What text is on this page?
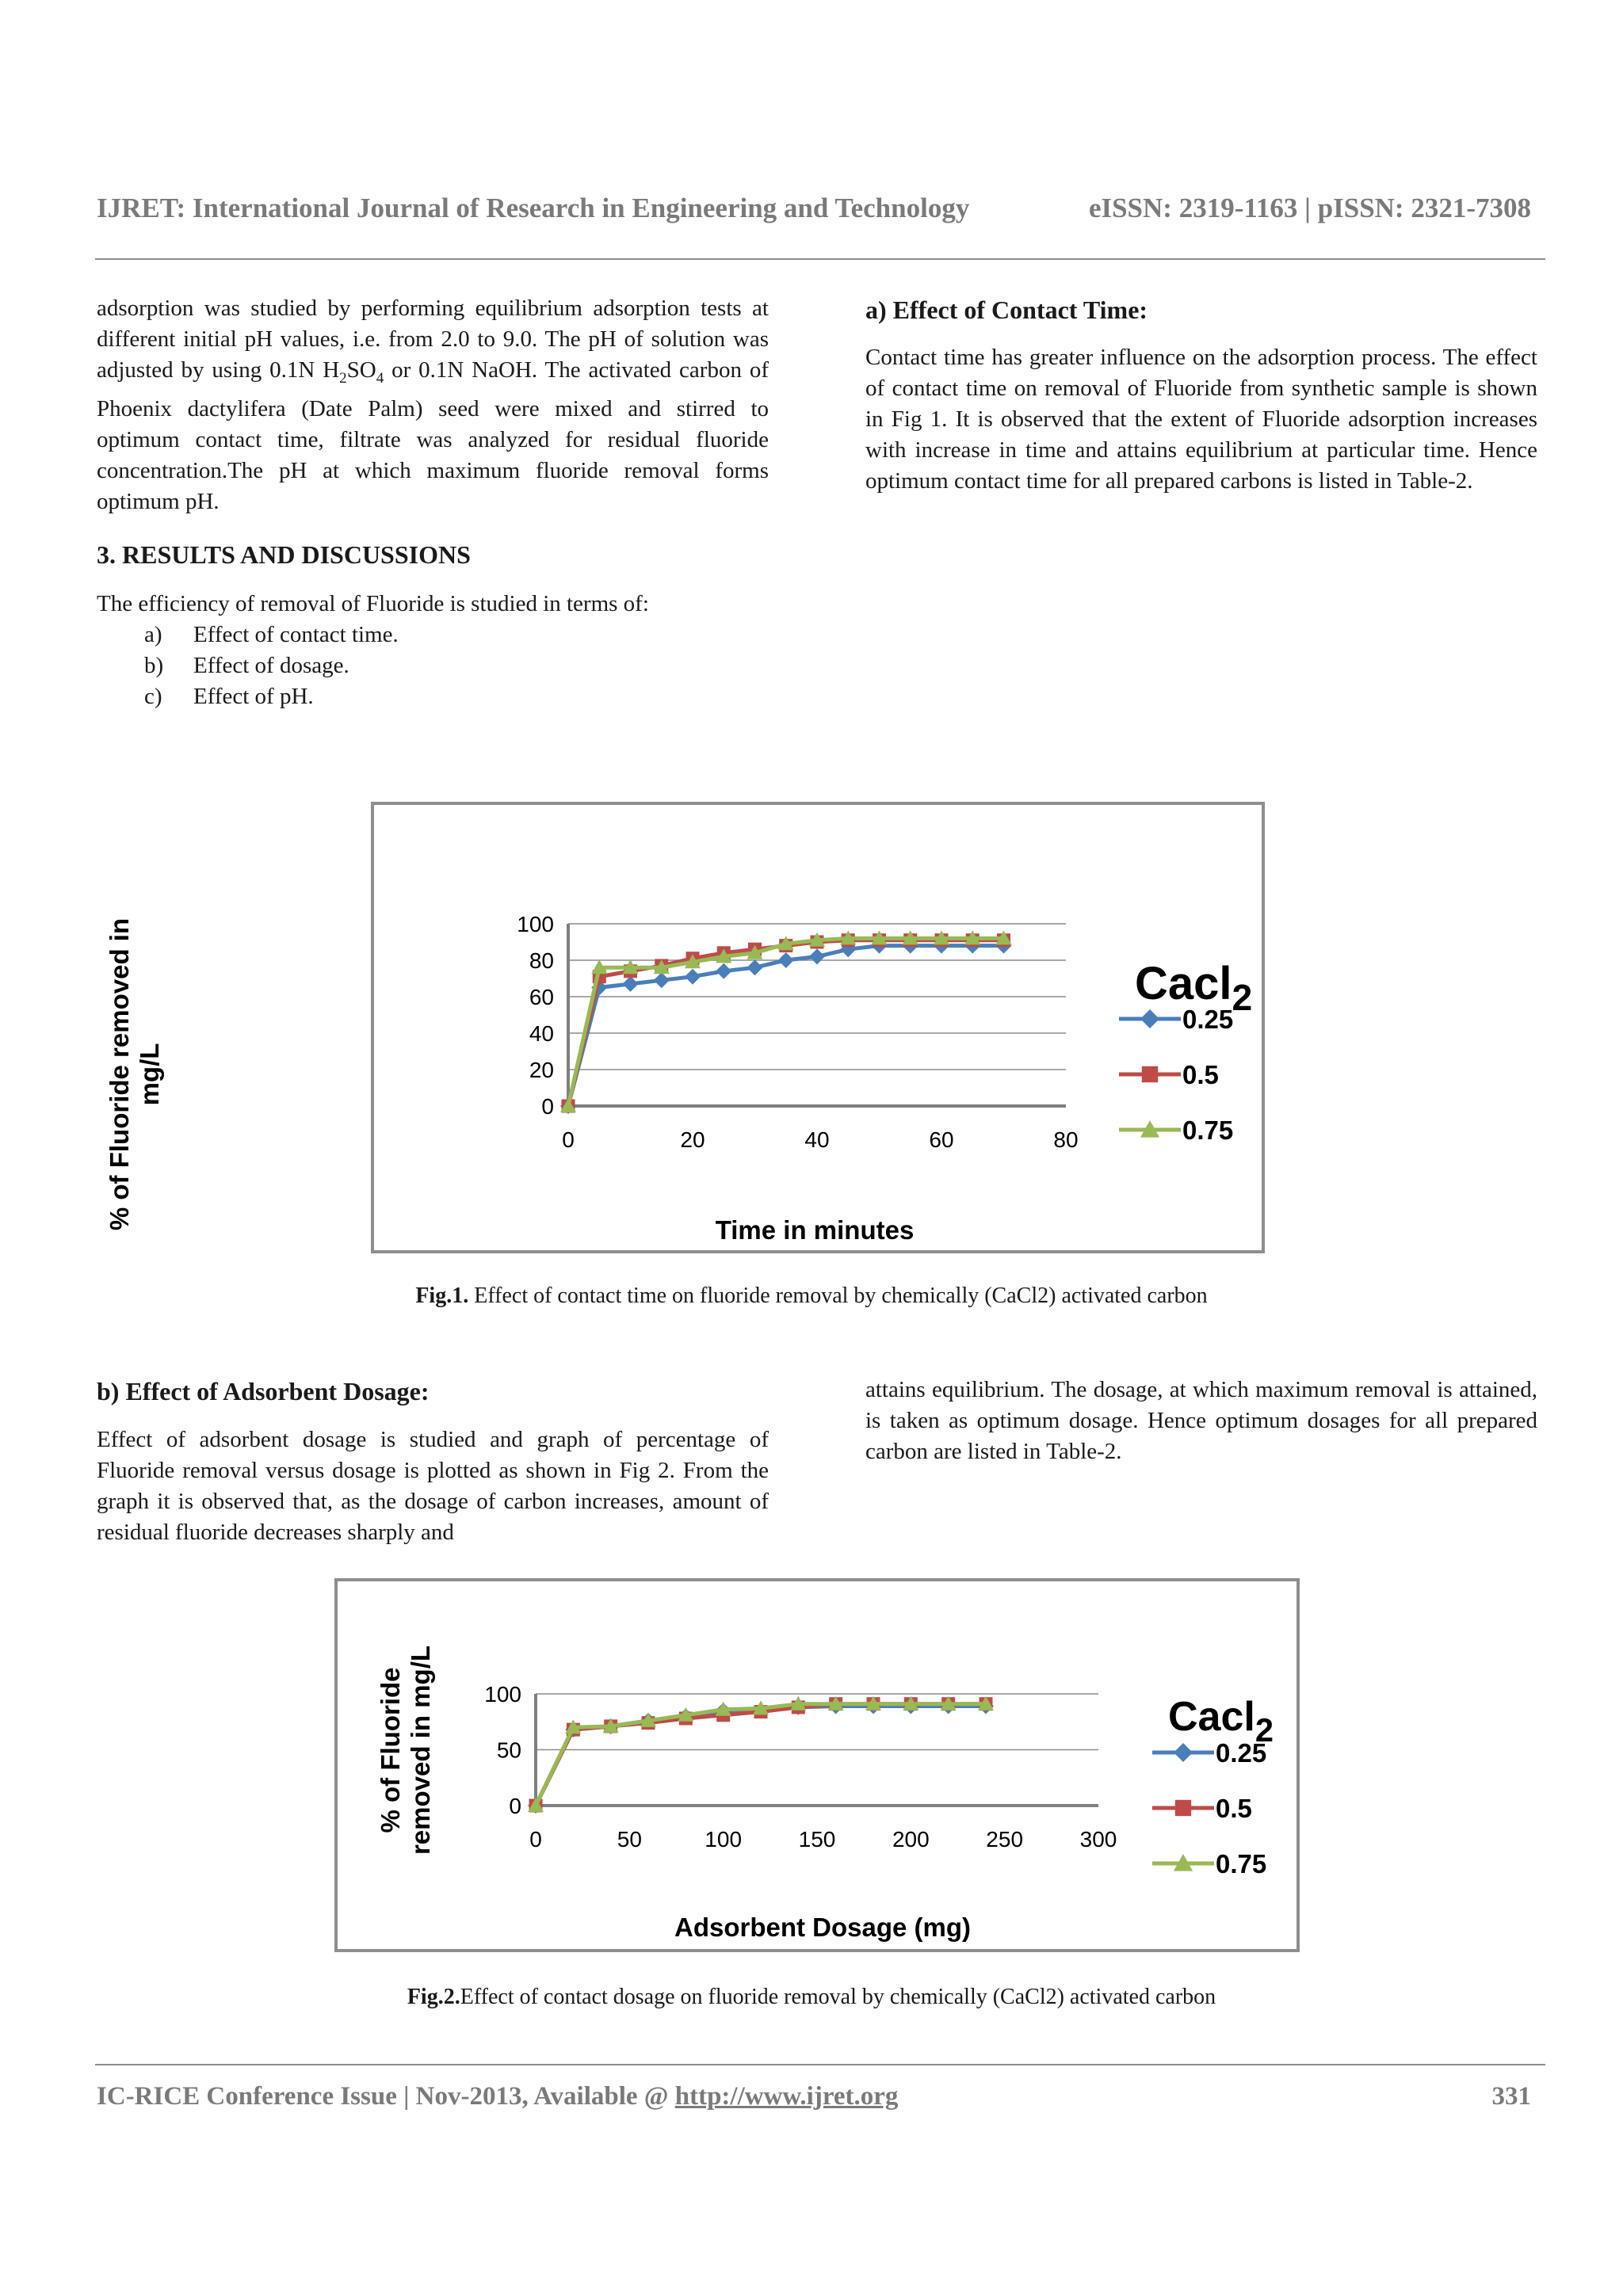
IJRET: International Journal of Research in Engineering and Technology	eISSN: 2319-1163 | pISSN: 2321-7308

adsorption was studied by performing equilibrium adsorption tests at different initial pH values, i.e. from 2.0 to 9.0. The pH of solution was adjusted by using 0.1N $H_2SO_4$ or 0.1N NaOH. The activated carbon of Phoenix dactylifera (Date Palm) seed were mixed and stirred to optimum contact time, filtrate was analyzed for residual fluoride concentration.The pH at which maximum fluoride removal forms optimum pH.

3. RESULTS AND DISCUSSIONS
The efficiency of removal of Fluoride is studied in terms of:
a)	Effect of contact time.
b)	Effect of dosage.
c)	Effect of pH.
a) Effect of Contact Time:
Contact time has greater influence on the adsorption process. The effect of contact time on removal of Fluoride from synthetic sample is shown in Fig 1. It is observed that the extent of Fluoride adsorption increases with increase in time and attains equilibrium at particular time. Hence optimum contact time for all prepared carbons is listed in Table-2.
0
20
40
60
80
100
0	20	40	60	80
Time in minutes
% of Fluoride removed inmg/L
Cacl$_2$
0.25
0.5
0.75
Fig.1. Effect of contact time on fluoride removal by chemically (CaCl2) activated carbon
b) Effect of Adsorbent Dosage:
Effect of adsorbent dosage is studied and graph of percentage of Fluoride removal versus dosage is plotted as shown in Fig 2. From the graph it is observed that, as the dosage of carbon increases, amount of residual fluoride decreases sharply and
attains equilibrium. The dosage, at which maximum removal is attained, is taken as optimum dosage. Hence optimum dosages for all prepared carbon are listed in Table-2.
0
50
100
0	50	100	150	200	250	300
Adsorbent Dosage (mg)
% of Fluorideremoved in mg/L	Cacl$_2$
0.25
0.5
0.75
Fig.2.Effect of contact dosage on fluoride removal by chemically (CaCl2) activated carbon
IC-RICE Conference Issue | Nov-2013, Available @ http://www.ijret.org	331
